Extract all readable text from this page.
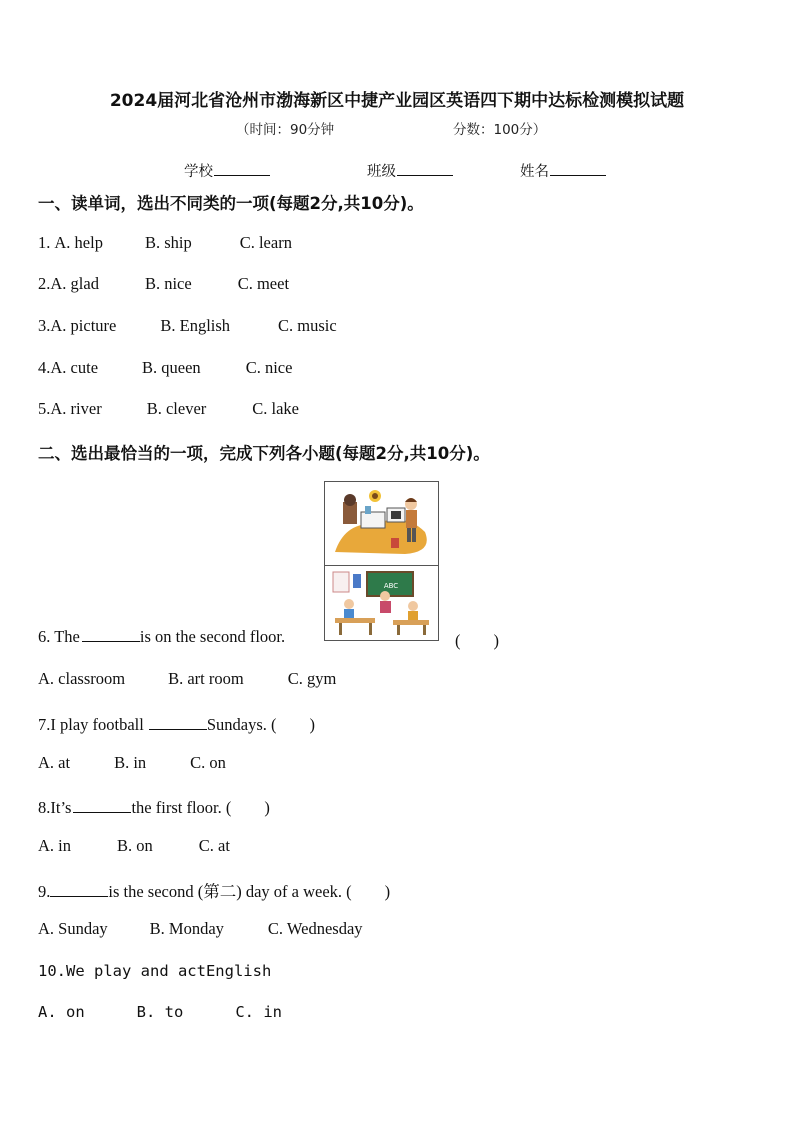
2024届河北省沧州市渤海新区中捷产业园区英语四下期中达标检测模拟试题
（时间：90分钟	分数：100分）
学校	班级	姓名
一、读单词，选出不同类的一项(每题2分,共10分)。
1. A. help	B. ship	C. learn
2.A. glad	B. nice	C. meet
3.A. picture	B. English	C. music
4.A. cute	B. queen	C. nice
5.A. river	B. clever	C. lake
二、选出最恰当的一项，完成下列各小题(每题2分,共10分)。
ABC
6. The	is on the second floor.	(　　)
A. classroom	B. art room	C. gym
7.I play football	Sundays. (　　)
A. at	B. in	C. on
8.It’s	the first floor. (　　)
A. in	B. on	C. at
9.	is the second (第二) day of a week. (　　)
A. Sunday	B. Monday	C. Wednesday
10.We play and actEnglish
A. on	B. to	C. in
